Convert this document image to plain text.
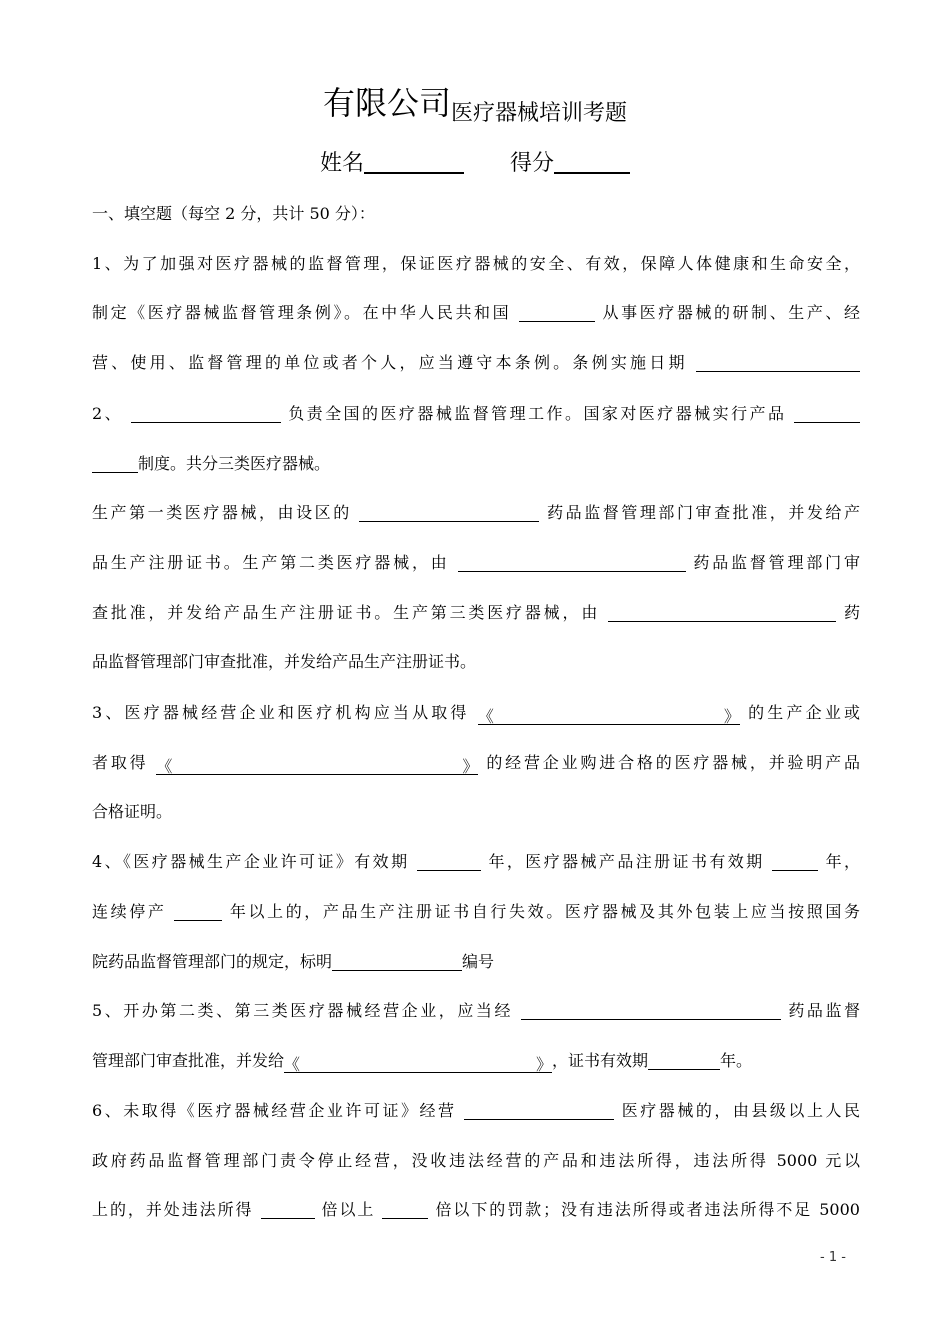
有限公司医疗器械培训考题
姓名	得分
一、填空题（每空 2 分，共计 50 分）：
1、为了加强对医疗器械的监督管理，保证医疗器械的安全、有效，保障人体健康和生命安全，
制定《医疗器械监督管理条例》。在中华人民共和国	从事医疗器械的研制、生产、经
营、使用、监督管理的单位或者个人，应当遵守本条例。条例实施日期
2、	负责全国的医疗器械监督管理工作。国家对医疗器械实行产品
制度。共分三类医疗器械。
生产第一类医疗器械，由设区的	药品监督管理部门审查批准，并发给产
品生产注册证书。生产第二类医疗器械，由	药品监督管理部门审
查批准，并发给产品生产注册证书。生产第三类医疗器械，由	药
品监督管理部门审查批准，并发给产品生产注册证书。
3、医疗器械经营企业和医疗机构应当从取得 《	》 的生产企业或
者取得 《	》 的经营企业购进合格的医疗器械，并验明产品
合格证明。
4、《医疗器械生产企业许可证》有效期	年，医疗器械产品注册证书有效期	年，
连续停产	年以上的，产品生产注册证书自行失效。医疗器械及其外包装上应当按照国务
院药品监督管理部门的规定，标明	编号
5、开办第二类、第三类医疗器械经营企业，应当经	药品监督
管理部门审查批准，并发给《	》，证书有效期	年。
6、未取得《医疗器械经营企业许可证》经营	医疗器械的，由县级以上人民
政府药品监督管理部门责令停止经营，没收违法经营的产品和违法所得，违法所得 5000 元以
上的，并处违法所得	倍以上	倍以下的罚款；没有违法所得或者违法所得不足 5000
- 1 -
